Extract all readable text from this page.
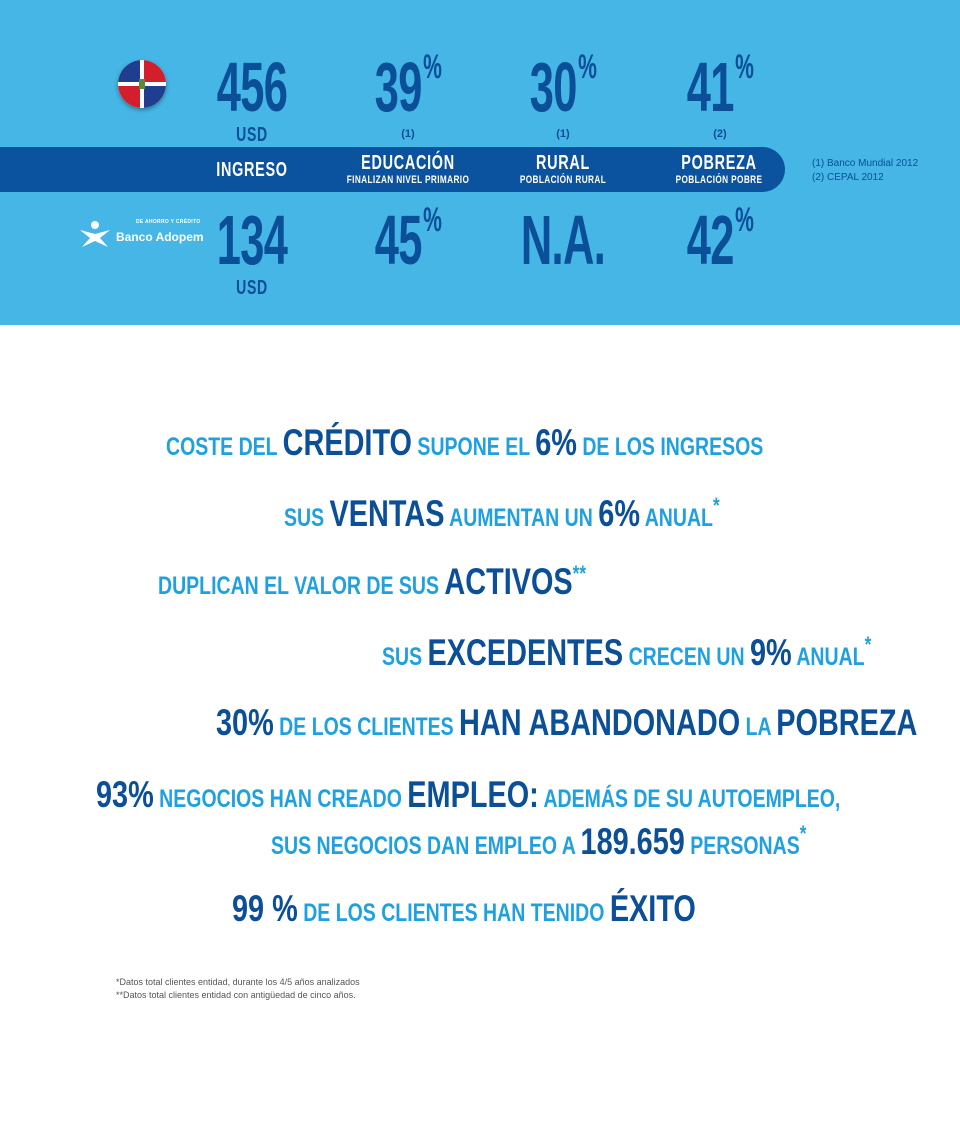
456
USD
39%
(1)
30%
(1)
41%
(2)
INGRESO	EDUCACIÓN
FINALIZAN NIVEL PRIMARIO
RURAL
POBLACIÓN RURAL
POBREZA
POBLACIÓN POBRE
(1) Banco Mundial 2012
(2) CEPAL 2012
DE AHORRO Y CRÉDITO
Banco Adopem 134
USD
45% N.A. 42%
COSTE DEL CRÉDITO SUPONE EL 6% DE LOS INGRESOS
SUS VENTAS AUMENTAN UN 6% ANUAL*
DUPLICAN EL VALOR DE SUS ACTIVOS**
SUS EXCEDENTES CRECEN UN 9% ANUAL*
30% DE LOS CLIENTES HAN ABANDONADO LA POBREZA
93% NEGOCIOS HAN CREADO EMPLEO: ADEMÁS DE SU AUTOEMPLEO,
SUS NEGOCIOS DAN EMPLEO A 189.659 PERSONAS*
99 % DE LOS CLIENTES HAN TENIDO ÉXITO
*Datos total clientes entidad, durante los 4/5 años analizados
**Datos total clientes entidad con antigüedad de cinco años.
